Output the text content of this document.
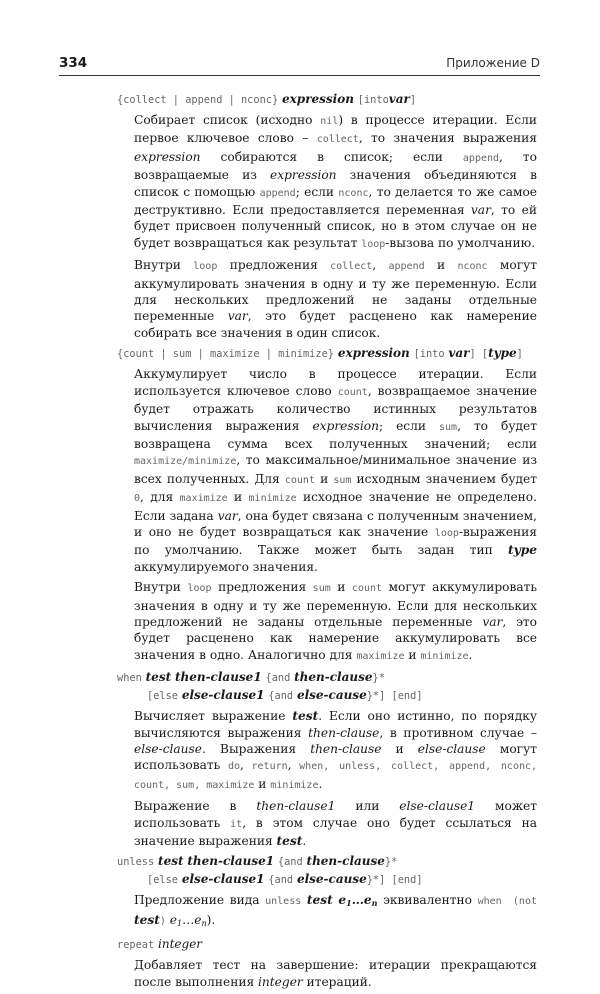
334	Приложение D
{collect | append | nconc} expression [intovar]

Собирает список (исходно nil) в процессе итерации. Если первое ключевое слово – collect, то значения выражения expression собираются в список; если append, то возвращаемые из expression значения объединяются в список с помощью append; если nconc, то делается то же самое деструктивно. Если предоставляется переменная var, то ей будет присвоен полученный список, но в этом случае он не будет возвращаться как результат loop-вызова по умолчанию.

Внутри loop предложения collect, append и nconc могут аккумулировать значения в одну и ту же переменную. Если для нескольких предложений не заданы отдельные переменные var, это будет расценено как намерение собирать все значения в один список.

{count | sum | maximize | minimize} expression [into var] [type]

Аккумулирует число в процессе итерации. Если используется ключевое слово count, возвращаемое значение будет отражать количество истинных результатов вычисления выражения expression; если sum, то будет возвращена сумма всех полученных значений; если maximize/minimize, то максимальное/минимальное значение из всех полученных. Для count и sum исходным значением будет 0, для maximize и minimize исходное значение не определено. Если задана var, она будет связана с полученным значением, и оно не будет возвращаться как значение loop-выражения по умолчанию. Также может быть задан тип type аккумулируемого значения.

Внутри loop предложения sum и count могут аккумулировать значения в одну и ту же переменную. Если для нескольких предложений не заданы отдельные переменные var, это будет расценено как намерение аккумулировать все значения в одно. Аналогично для maximize и minimize.

when test then-clause1 {and then-clause}*
[else else-clause1 {and else-cause}*] [end]

Вычисляет выражение test. Если оно истинно, по порядку вычисляются выражения then-clause, в противном случае – else-clause. Выражения then-clause и else-clause могут использовать do, return, when, unless, collect, append, nconc, count, sum, maximize и minimize.

Выражение в then-clause1 или else-clause1 может использовать it, в этом случае оно будет ссылаться на значение выражения test.

unless test then-clause1 {and then-clause}*
[else else-clause1 {and else-cause}*] [end]

Предложение вида unless test $e_1\dots e_n$ эквивалентно when (not test) $e_1\dots e_n$).

repeat integer

Добавляет тест на завершение: итерации прекращаются после выполнения integer итераций.
